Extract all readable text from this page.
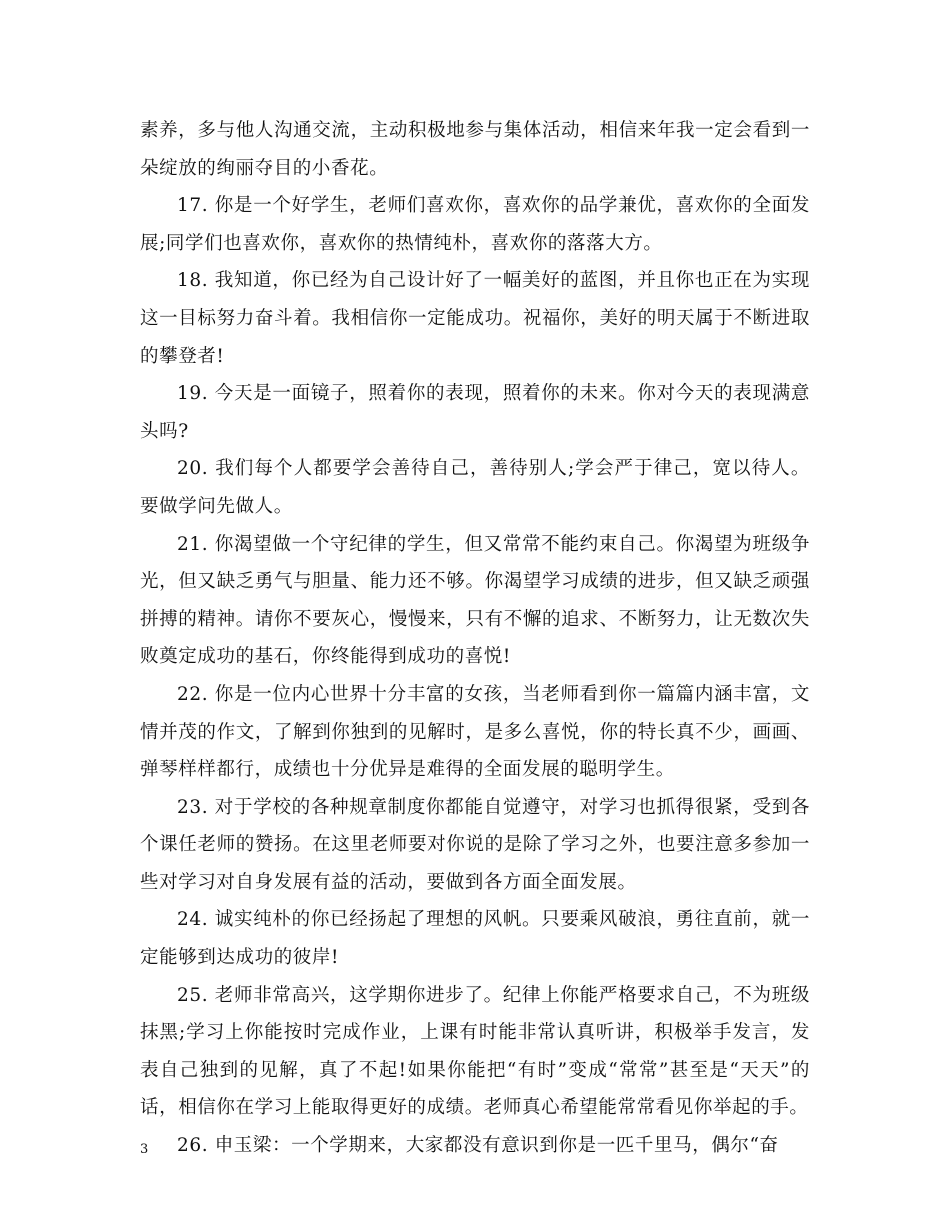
素养，多与他人沟通交流，主动积极地参与集体活动，相信来年我一定会看到一朵绽放的绚丽夺目的小香花。

17. 你是一个好学生，老师们喜欢你，喜欢你的品学兼优，喜欢你的全面发展;同学们也喜欢你，喜欢你的热情纯朴，喜欢你的落落大方。

18. 我知道，你已经为自己设计好了一幅美好的蓝图，并且你也正在为实现这一目标努力奋斗着。我相信你一定能成功。祝福你，美好的明天属于不断进取的攀登者!

19. 今天是一面镜子，照着你的表现，照着你的未来。你对今天的表现满意头吗?

20. 我们每个人都要学会善待自己，善待别人;学会严于律己，宽以待人。要做学问先做人。

21. 你渴望做一个守纪律的学生，但又常常不能约束自己。你渴望为班级争光，但又缺乏勇气与胆量、能力还不够。你渴望学习成绩的进步，但又缺乏顽强拼搏的精神。请你不要灰心，慢慢来，只有不懈的追求、不断努力，让无数次失败奠定成功的基石，你终能得到成功的喜悦!

22. 你是一位内心世界十分丰富的女孩，当老师看到你一篇篇内涵丰富，文情并茂的作文，了解到你独到的见解时，是多么喜悦，你的特长真不少，画画、弹琴样样都行，成绩也十分优异是难得的全面发展的聪明学生。

23. 对于学校的各种规章制度你都能自觉遵守，对学习也抓得很紧，受到各个课任老师的赞扬。在这里老师要对你说的是除了学习之外，也要注意多参加一些对学习对自身发展有益的活动，要做到各方面全面发展。

24. 诚实纯朴的你已经扬起了理想的风帆。只要乘风破浪，勇往直前，就一定能够到达成功的彼岸!

25. 老师非常高兴，这学期你进步了。纪律上你能严格要求自己，不为班级抹黑;学习上你能按时完成作业，上课有时能非常认真听讲，积极举手发言，发表自己独到的见解，真了不起!如果你能把“有时”变成“常常”甚至是“天天”的话，相信你在学习上能取得更好的成绩。老师真心希望能常常看见你举起的手。

26. 申玉梁：一个学期来，大家都没有意识到你是一匹千里马，偶尔“奋

3
